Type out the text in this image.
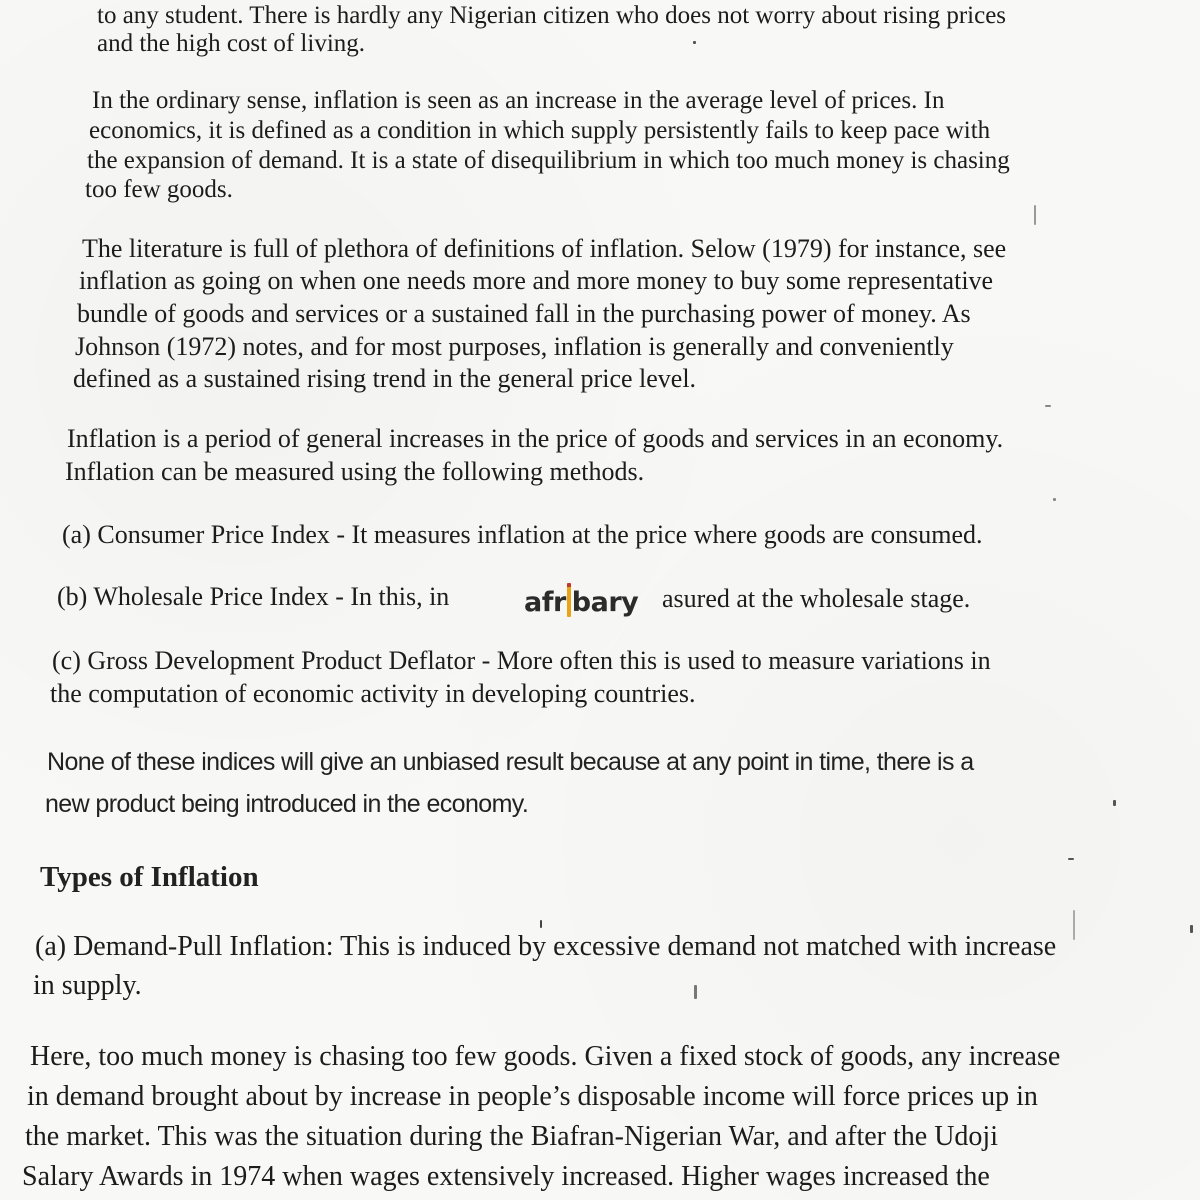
to any student. There is hardly any Nigerian citizen who does not worry about rising prices
and the high cost of living.
In the ordinary sense, inflation is seen as an increase in the average level of prices. In
economics, it is defined as a condition in which supply persistently fails to keep pace with
the expansion of demand. It is a state of disequilibrium in which too much money is chasing
too few goods.
The literature is full of plethora of definitions of inflation. Selow (1979) for instance, see
inflation as going on when one needs more and more money to buy some representative
bundle of goods and services or a sustained fall in the purchasing power of money. As
Johnson (1972) notes, and for most purposes, inflation is generally and conveniently
defined as a sustained rising trend in the general price level.
Inflation is a period of general increases in the price of goods and services in an economy.
Inflation can be measured using the following methods.
(a) Consumer Price Index - It measures inflation at the price where goods are consumed.
(b) Wholesale Price Index - In this, in	asured at the wholesale stage.
(c) Gross Development Product Deflator - More often this is used to measure variations in
the computation of economic activity in developing countries.
None of these indices will give an unbiased result because at any point in time, there is a
new product being introduced in the economy.
Types of Inflation
(a) Demand-Pull Inflation: This is induced by excessive demand not matched with increase
in supply.
Here, too much money is chasing too few goods. Given a fixed stock of goods, any increase
in demand brought about by increase in people’s disposable income will force prices up in
the market. This was the situation during the Biafran-Nigerian War, and after the Udoji
Salary Awards in 1974 when wages extensively increased. Higher wages increased the
afr bary
